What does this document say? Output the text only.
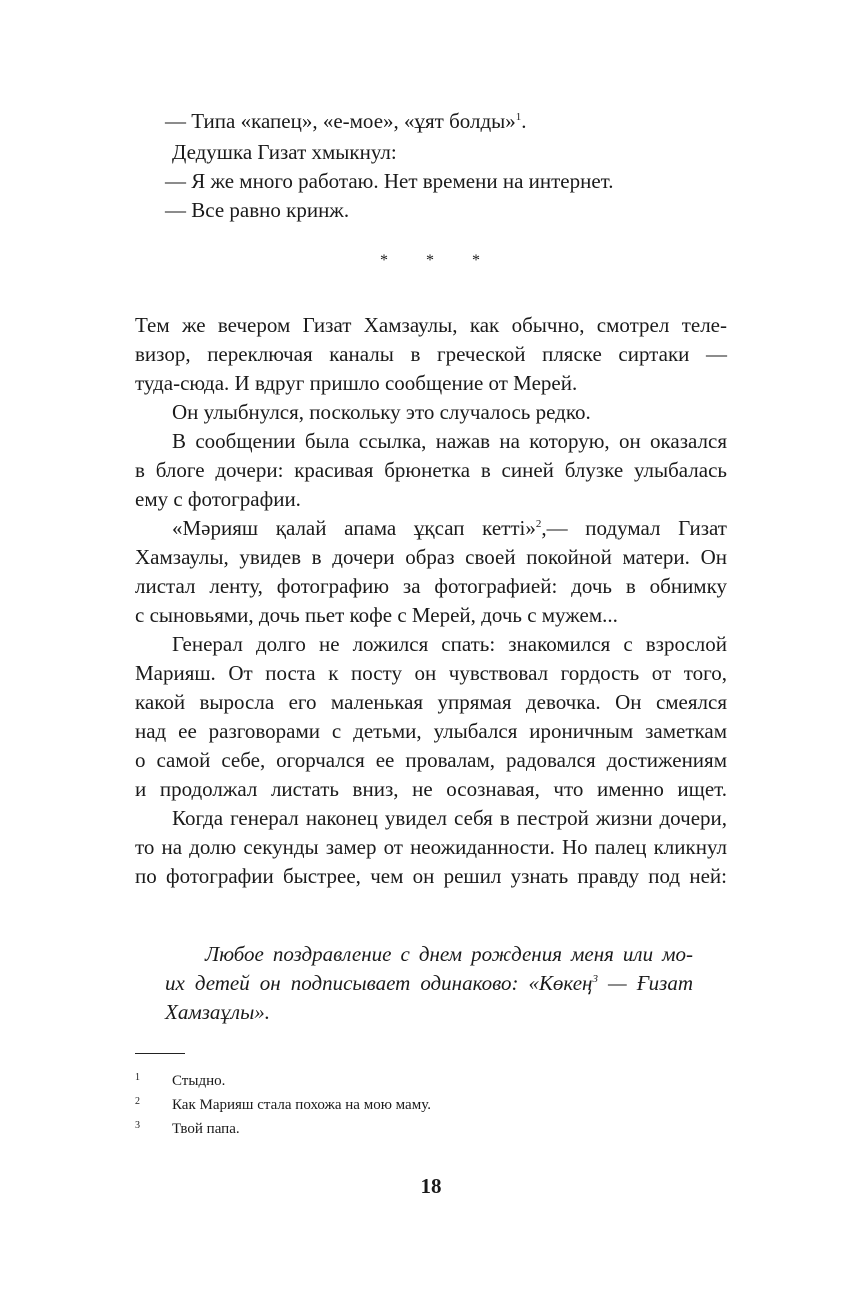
— Типа «капец», «е-мое», «ұят болды»$^1$.
Дедушка Гизат хмыкнул:
— Я же много работаю. Нет времени на интернет.
— Все равно кринж.
* * *
Тем же вечером Гизат Хамзаулы, как обычно, смотрел теле-
визор, переключая каналы в греческой пляске сиртаки —
туда-сюда. И вдруг пришло сообщение от Мерей.
Он улыбнулся, поскольку это случалось редко.
В сообщении была ссылка, нажав на которую, он оказался
в блоге дочери: красивая брюнетка в синей блузке улыбалась
ему с фотографии.
«Мәрияш қалай апама ұқсап кетті»$^2$,— подумал Гизат
Хамзаулы, увидев в дочери образ своей покойной матери. Он
листал ленту, фотографию за фотографией: дочь в обнимку
с сыновьями, дочь пьет кофе с Мерей, дочь с мужем...
Генерал долго не ложился спать: знакомился с взрослой
Марияш. От поста к посту он чувствовал гордость от того,
какой выросла его маленькая упрямая девочка. Он смеялся
над ее разговорами с детьми, улыбался ироничным заметкам
о самой себе, огорчался ее провалам, радовался достижениям
и продолжал листать вниз, не осознавая, что именно ищет.
Когда генерал наконец увидел себя в пестрой жизни дочери,
то на долю секунды замер от неожиданности. Но палец кликнул
по фотографии быстрее, чем он решил узнать правду под ней:
Любое поздравление с днем рождения меня или мо-
их детей он подписывает одинаково: «Көкең$^3$ — Ғизат
Хамзаұлы».
1 Стыдно.
2 Как Марияш стала похожа на мою маму.
3 Твой папа.
18
